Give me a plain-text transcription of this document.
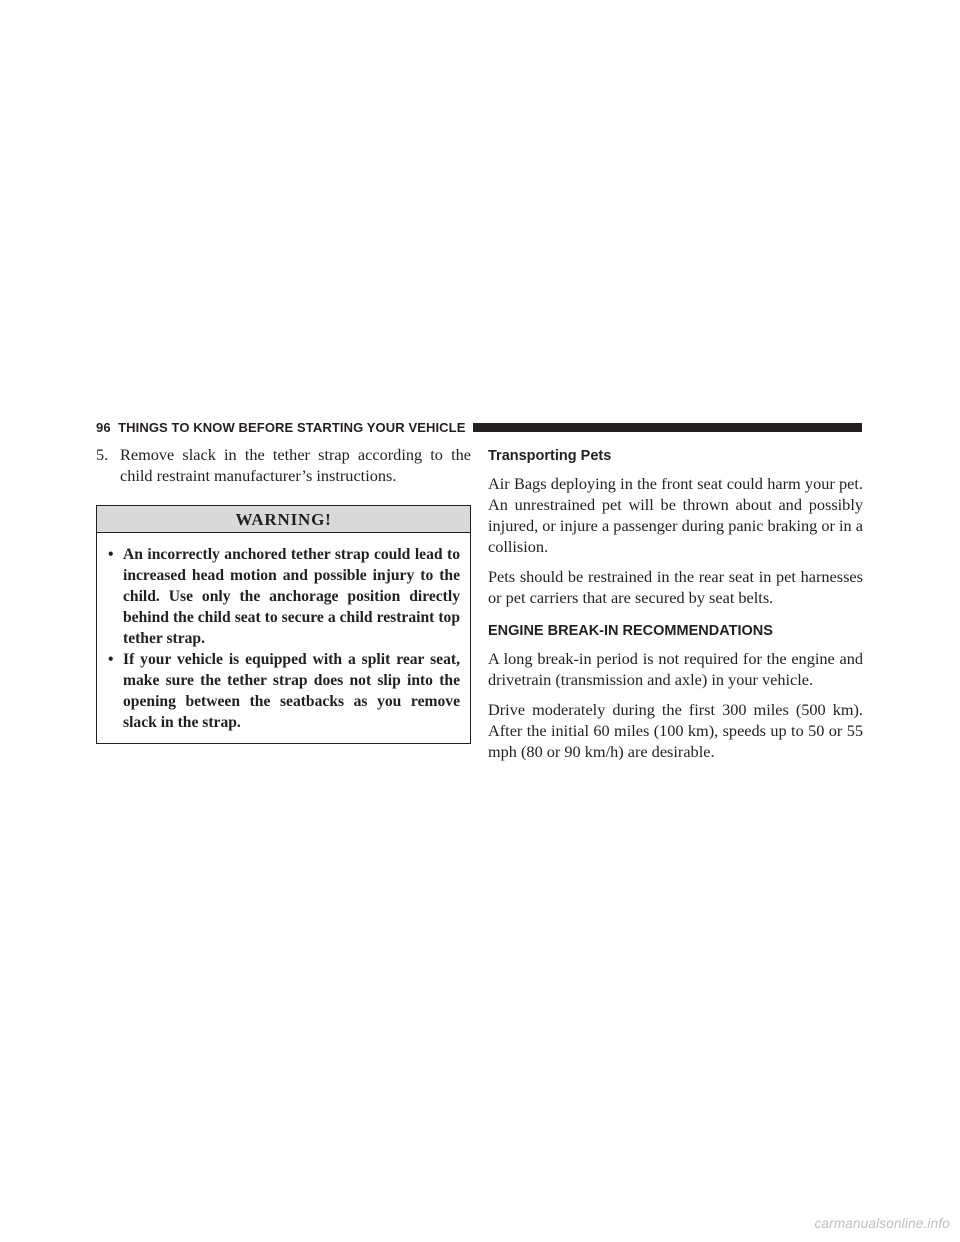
96 THINGS TO KNOW BEFORE STARTING YOUR VEHICLE

5. Remove slack in the tether strap according to the child restraint manufacturer’s instructions.

WARNING!
• An incorrectly anchored tether strap could lead to increased head motion and possible injury to the child. Use only the anchorage position directly behind the child seat to secure a child restraint top tether strap.
• If your vehicle is equipped with a split rear seat, make sure the tether strap does not slip into the opening between the seatbacks as you remove slack in the strap.
Transporting Pets

Air Bags deploying in the front seat could harm your pet. An unrestrained pet will be thrown about and possibly injured, or injure a passenger during panic braking or in a collision.

Pets should be restrained in the rear seat in pet harnesses or pet carriers that are secured by seat belts.

ENGINE BREAK-IN RECOMMENDATIONS

A long break-in period is not required for the engine and drivetrain (transmission and axle) in your vehicle.

Drive moderately during the first 300 miles (500 km). After the initial 60 miles (100 km), speeds up to 50 or 55 mph (80 or 90 km/h) are desirable.

carmanualsonline.info
